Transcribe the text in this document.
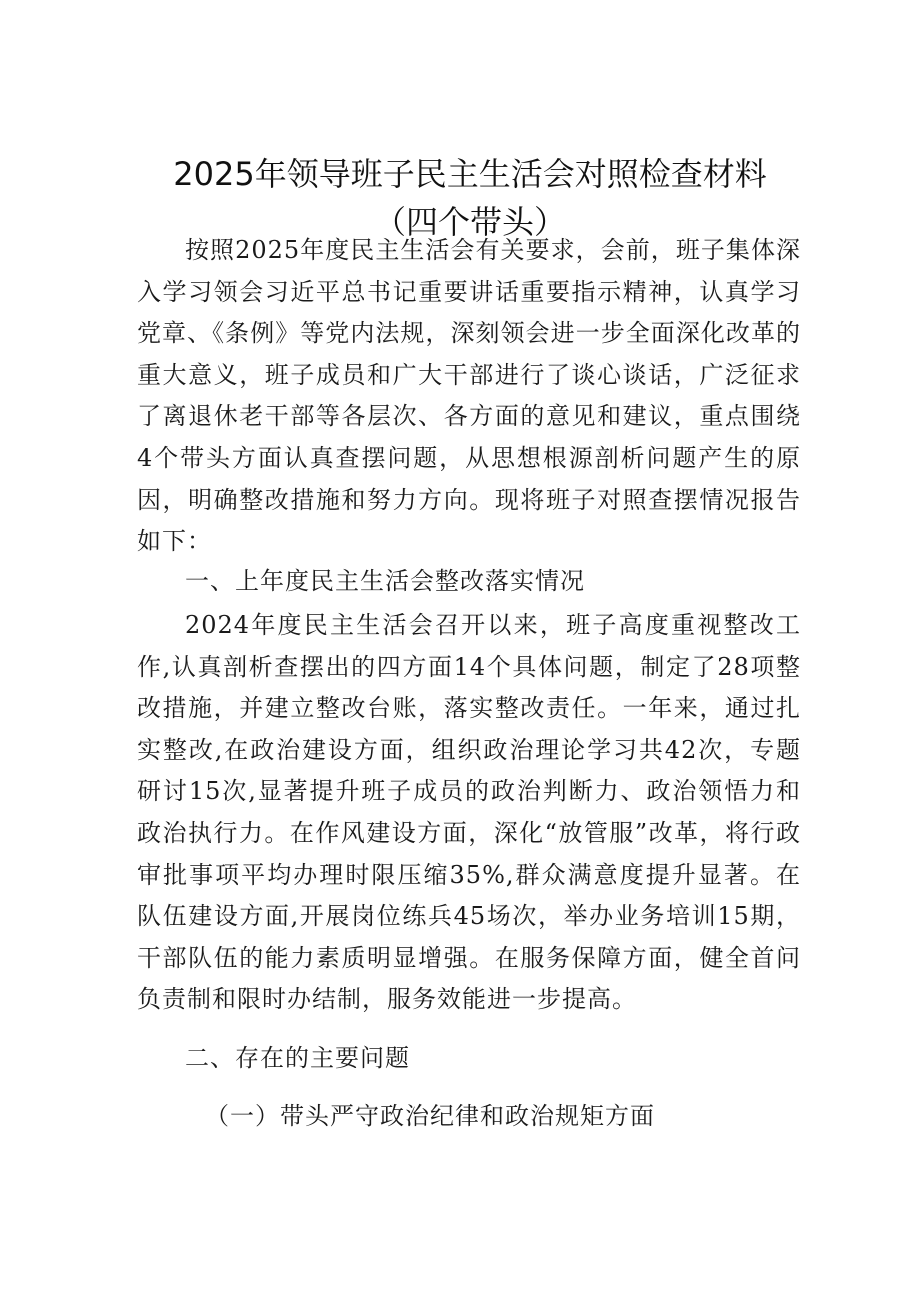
2025年领导班子民主生活会对照检查材料（四个带头）

按照2025年度民主生活会有关要求，会前，班子集体深入学习领会习近平总书记重要讲话重要指示精神，认真学习党章、《条例》等党内法规，深刻领会进一步全面深化改革的重大意义，班子成员和广大干部进行了谈心谈话，广泛征求了离退休老干部等各层次、各方面的意见和建议，重点围绕4个带头方面认真查摆问题，从思想根源剖析问题产生的原因，明确整改措施和努力方向。现将班子对照查摆情况报告如下：

一、上年度民主生活会整改落实情况

2024年度民主生活会召开以来，班子高度重视整改工作,认真剖析查摆出的四方面14个具体问题，制定了28项整改措施，并建立整改台账，落实整改责任。一年来，通过扎实整改,在政治建设方面，组织政治理论学习共42次，专题研讨15次,显著提升班子成员的政治判断力、政治领悟力和政治执行力。在作风建设方面，深化“放管服”改革，将行政审批事项平均办理时限压缩35%,群众满意度提升显著。在队伍建设方面,开展岗位练兵45场次，举办业务培训15期，干部队伍的能力素质明显增强。在服务保障方面，健全首问负责制和限时办结制，服务效能进一步提高。

二、存在的主要问题

（一）带头严守政治纪律和政治规矩方面
